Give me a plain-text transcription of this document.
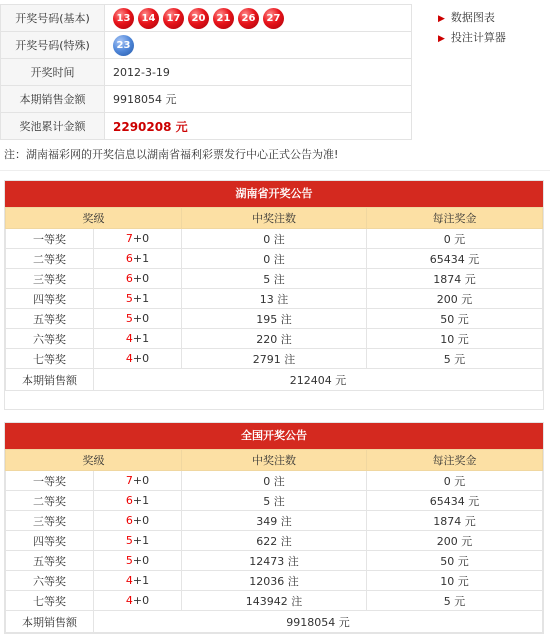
开奖号码(基本)	13 14 17 20 21 26 27
开奖号码(特殊)	23
开奖时间	2012-3-19
本期销售金额	9918054 元
奖池累计金额	2290208 元
▶ 数据图表
▶ 投注计算器
注：湖南福彩网的开奖信息以湖南省福利彩票发行中心正式公告为准!
湖南省开奖公告
奖级		中奖注数	每注奖金
一等奖	7+0	0 注	0 元
二等奖	6+1	0 注	65434 元
三等奖	6+0	5 注	1874 元
四等奖	5+1	13 注	200 元
五等奖	5+0	195 注	50 元
六等奖	4+1	220 注	10 元
七等奖	4+0	2791 注	5 元
本期销售额	212404 元		
全国开奖公告
奖级		中奖注数	每注奖金
一等奖	7+0	0 注	0 元
二等奖	6+1	5 注	65434 元
三等奖	6+0	349 注	1874 元
四等奖	5+1	622 注	200 元
五等奖	5+0	12473 注	50 元
六等奖	4+1	12036 注	10 元
七等奖	4+0	143942 注	5 元
本期销售额	9918054 元		
